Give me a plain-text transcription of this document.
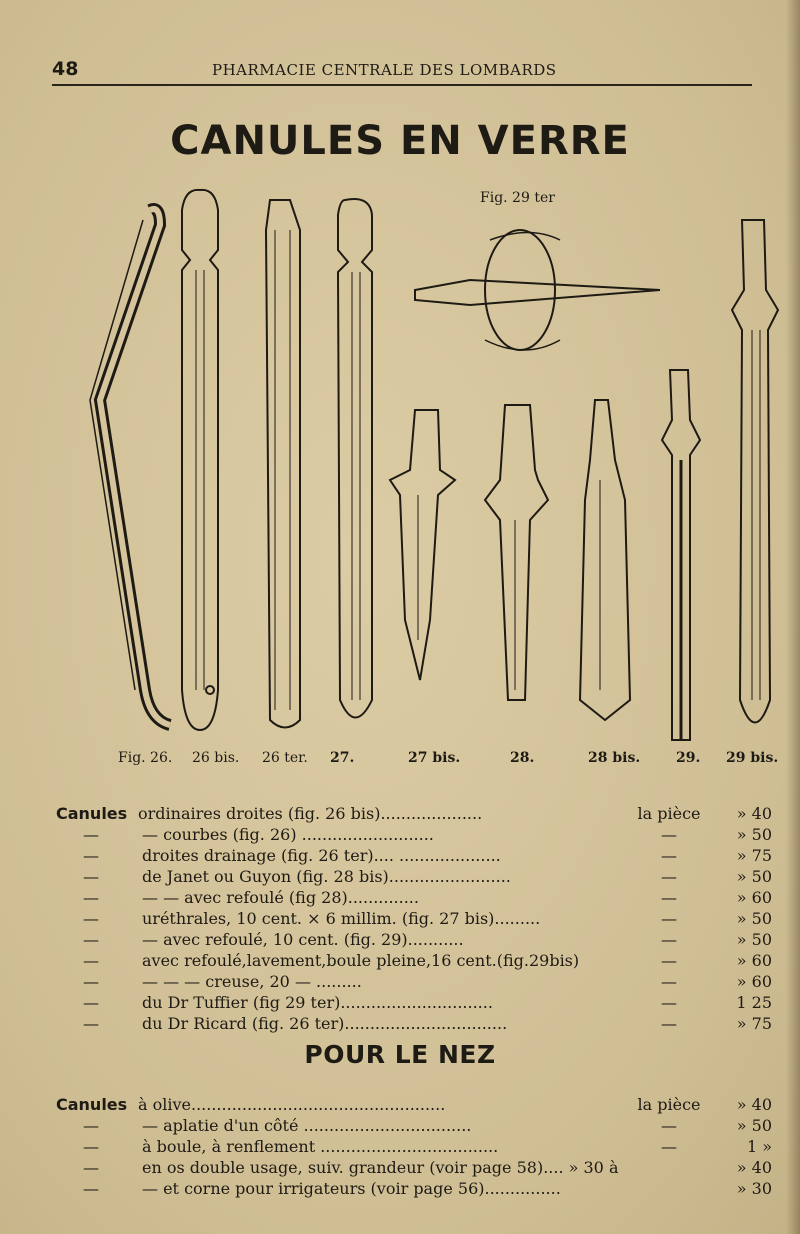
48	PHARMACIE CENTRALE DES LOMBARDS
CANULES EN VERRE
Fig. 29 ter
Fig. 26. 26 bis. 26 ter. 27.	27 bis.	28.	28 bis.	29. 29 bis.
Canules ordinaires droites (fig. 26 bis)....................	la pièce	» 40
—	— courbes (fig. 26) ..........................	—	» 50
—	droites drainage (fig. 26 ter).... ....................	—	» 75
—	de Janet ou Guyon (fig. 28 bis)........................	—	» 50
—	— — avec refoulé (fig 28)..............	—	» 60
—	uréthrales, 10 cent. × 6 millim. (fig. 27 bis).........	—	» 50
—	— avec refoulé, 10 cent. (fig. 29)...........	—	» 50
—	avec refoulé,lavement,boule pleine,16 cent.(fig.29bis)	—	» 60
—	— — — creuse, 20 — .........	—	» 60
—	du Dr Tuffier (fig 29 ter)..............................	—	1 25
—	du Dr Ricard (fig. 26 ter)................................	—	» 75
POUR LE NEZ
Canules à olive..................................................	la pièce	» 40
—	— aplatie d'un côté .................................	—	» 50
—	à boule, à renflement ...................................	—	1 »
—	en os double usage, suiv. grandeur (voir page 58).... » 30 à	» 40
—	— et corne pour irrigateurs (voir page 56)...............	» 30
